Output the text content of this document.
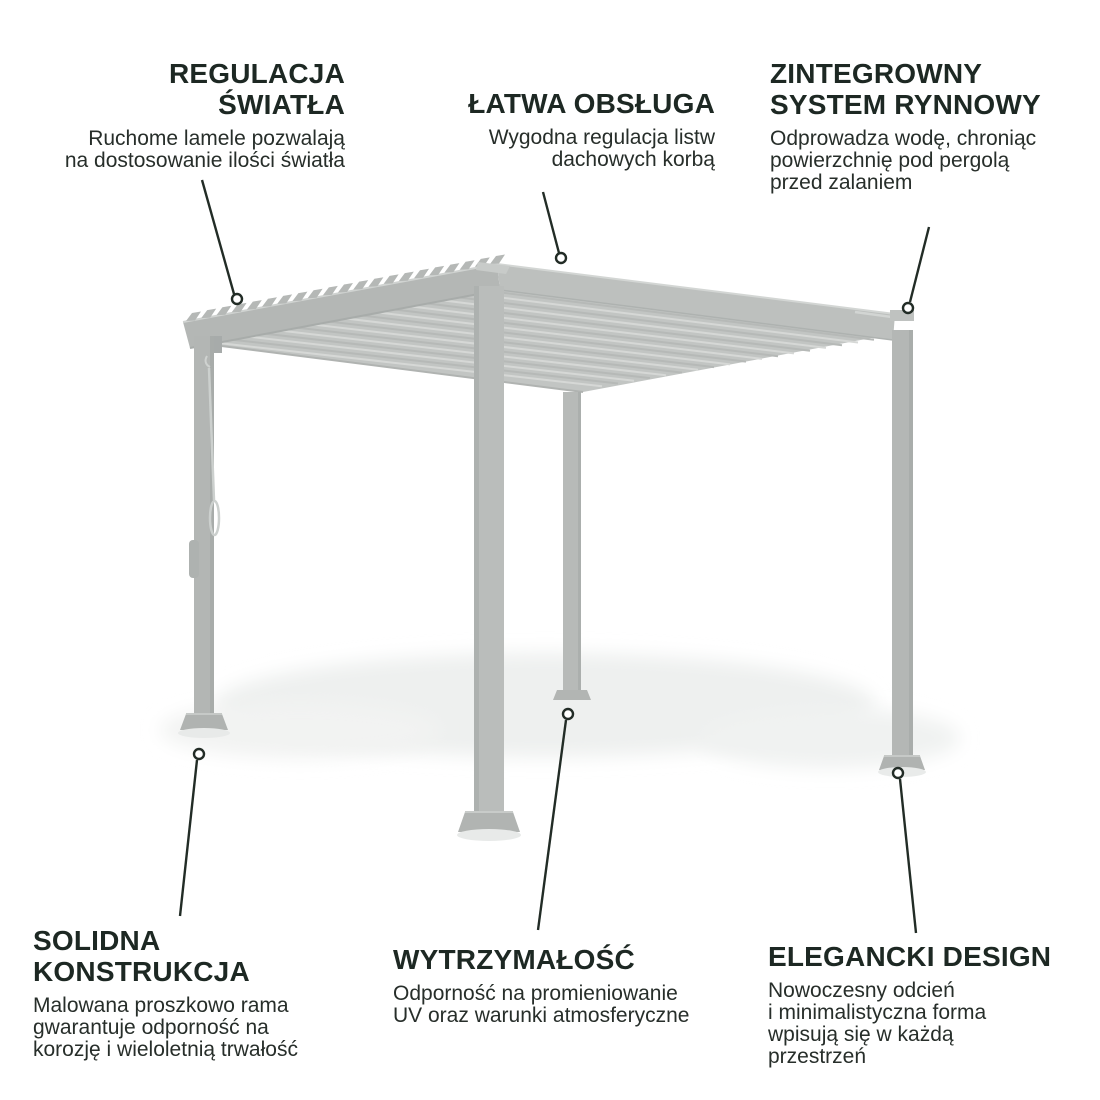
REGULACJA
ŚWIATŁA
Ruchome lamele pozwalają
na dostosowanie ilości światła
ŁATWA OBSŁUGA
Wygodna regulacja listw
dachowych korbą
ZINTEGROWNY
SYSTEM RYNNOWY
Odprowadza wodę, chroniąc
powierzchnię pod pergolą
przed zalaniem
SOLIDNA
KONSTRUKCJA
Malowana proszkowo rama
gwarantuje odporność na
korozję i wieloletnią trwałość
WYTRZYMAŁOŚĆ
Odporność na promieniowanie
UV oraz warunki atmosferyczne
ELEGANCKI DESIGN
Nowoczesny odcień
i minimalistyczna forma
wpisują się w każdą
przestrzeń
